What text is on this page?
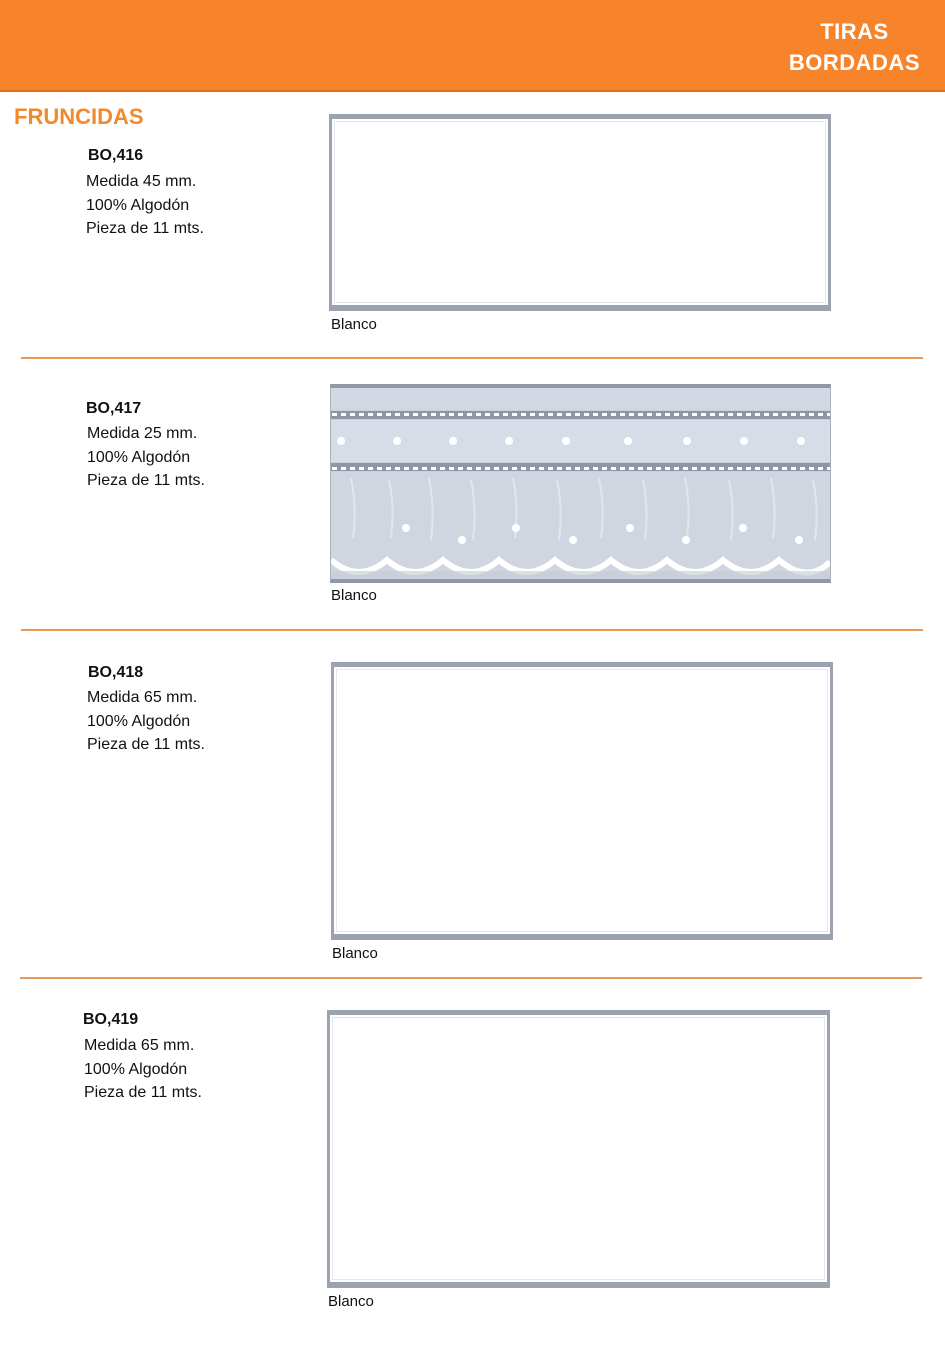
TIRAS
BORDADAS
FRUNCIDAS
BO,416
Medida 45 mm.
100% Algodón
Pieza de 11 mts.
Blanco
BO,417
Medida 25 mm.
100% Algodón
Pieza de 11 mts.
Blanco
BO,418
Medida 65 mm.
100% Algodón
Pieza de 11 mts.
Blanco
BO,419
Medida 65 mm.
100% Algodón
Pieza de 11 mts.
Blanco
